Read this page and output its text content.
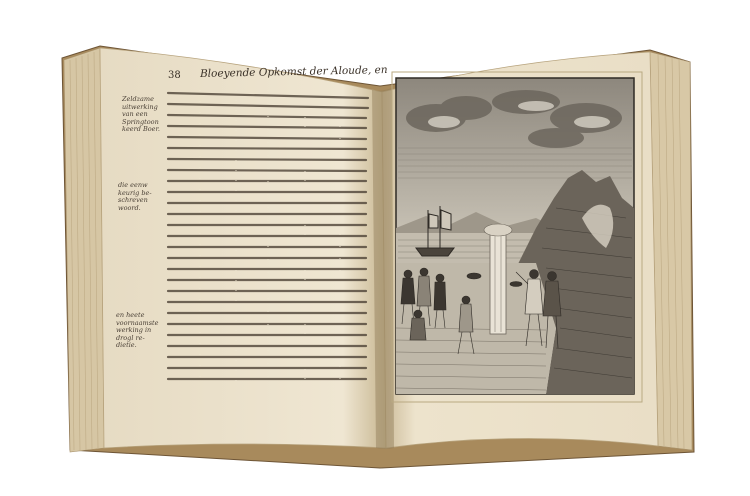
38 Bloeyende Opkomst der Aloude, en
Zeldzame
uitwerking
van een
Springtoon
keerd Boer.
die eenw
keurig be-
schreven
woord.
en heete
voornaamste
werking in
drogl re-
dietie.
